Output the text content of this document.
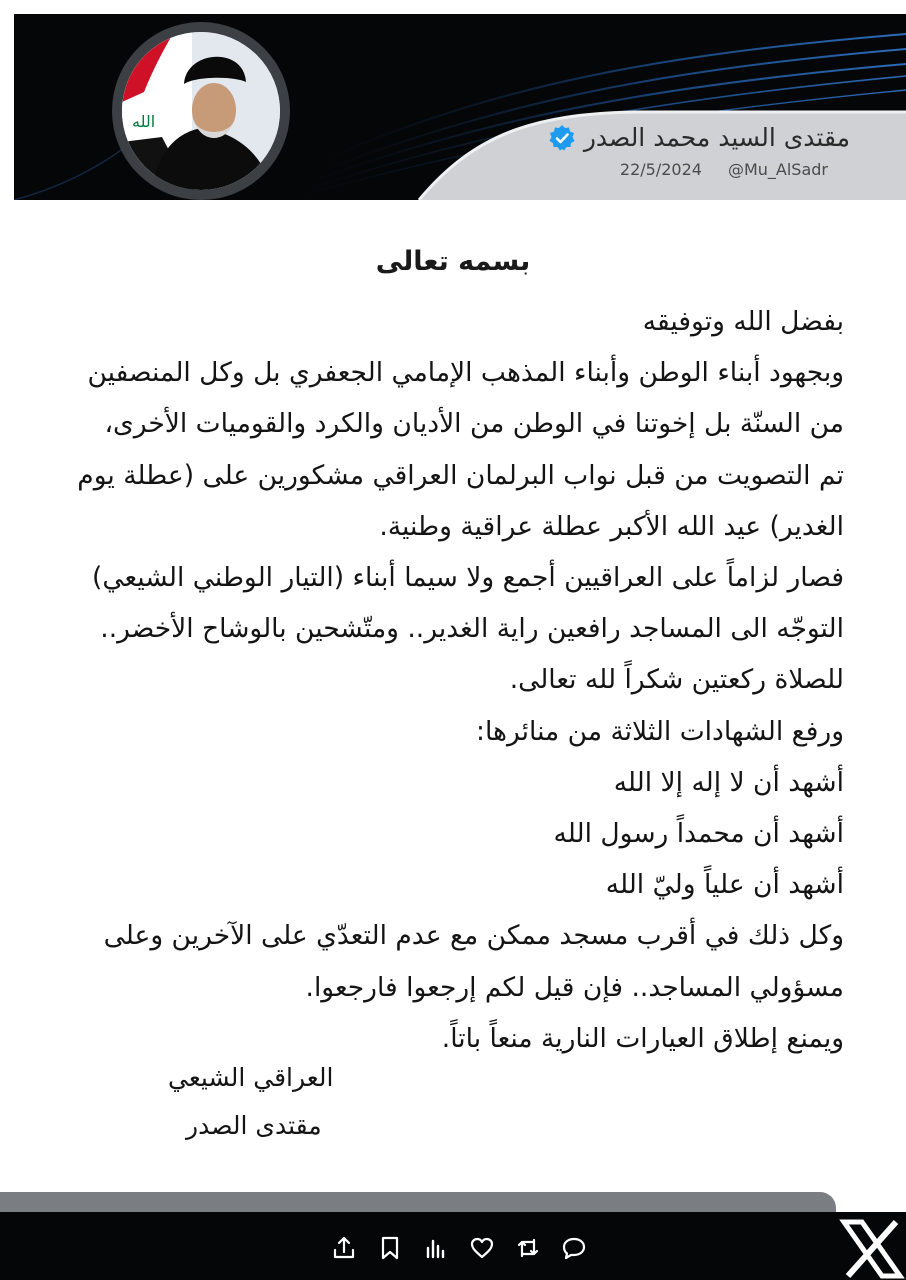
الله
مقتدى السيد محمد الصدر
22/5/2024 @Mu_AlSadr
بسمه تعالى
بفضل الله وتوفيقه
وبجهود أبناء الوطن وأبناء المذهب الإمامي الجعفري بل وكل المنصفين
من السنّة بل إخوتنا في الوطن من الأديان والكرد والقوميات الأخرى،
تم التصويت من قبل نواب البرلمان العراقي مشكورين على (عطلة يوم
الغدير) عيد الله الأكبر عطلة عراقية وطنية.
فصار لزاماً على العراقيين أجمع ولا سيما أبناء (التيار الوطني الشيعي)
التوجّه الى المساجد رافعين راية الغدير.. ومتّشحين بالوشاح الأخضر..
للصلاة ركعتين شكراً لله تعالى.
ورفع الشهادات الثلاثة من منائرها:
أشهد أن لا إله إلا الله
أشهد أن محمداً رسول الله
أشهد أن علياً وليّ الله
وكل ذلك في أقرب مسجد ممكن مع عدم التعدّي على الآخرين وعلى
مسؤولي المساجد.. فإن قيل لكم إرجعوا فارجعوا.
ويمنع إطلاق العيارات النارية منعاً باتاً.
العراقي الشيعي
مقتدى الصدر
